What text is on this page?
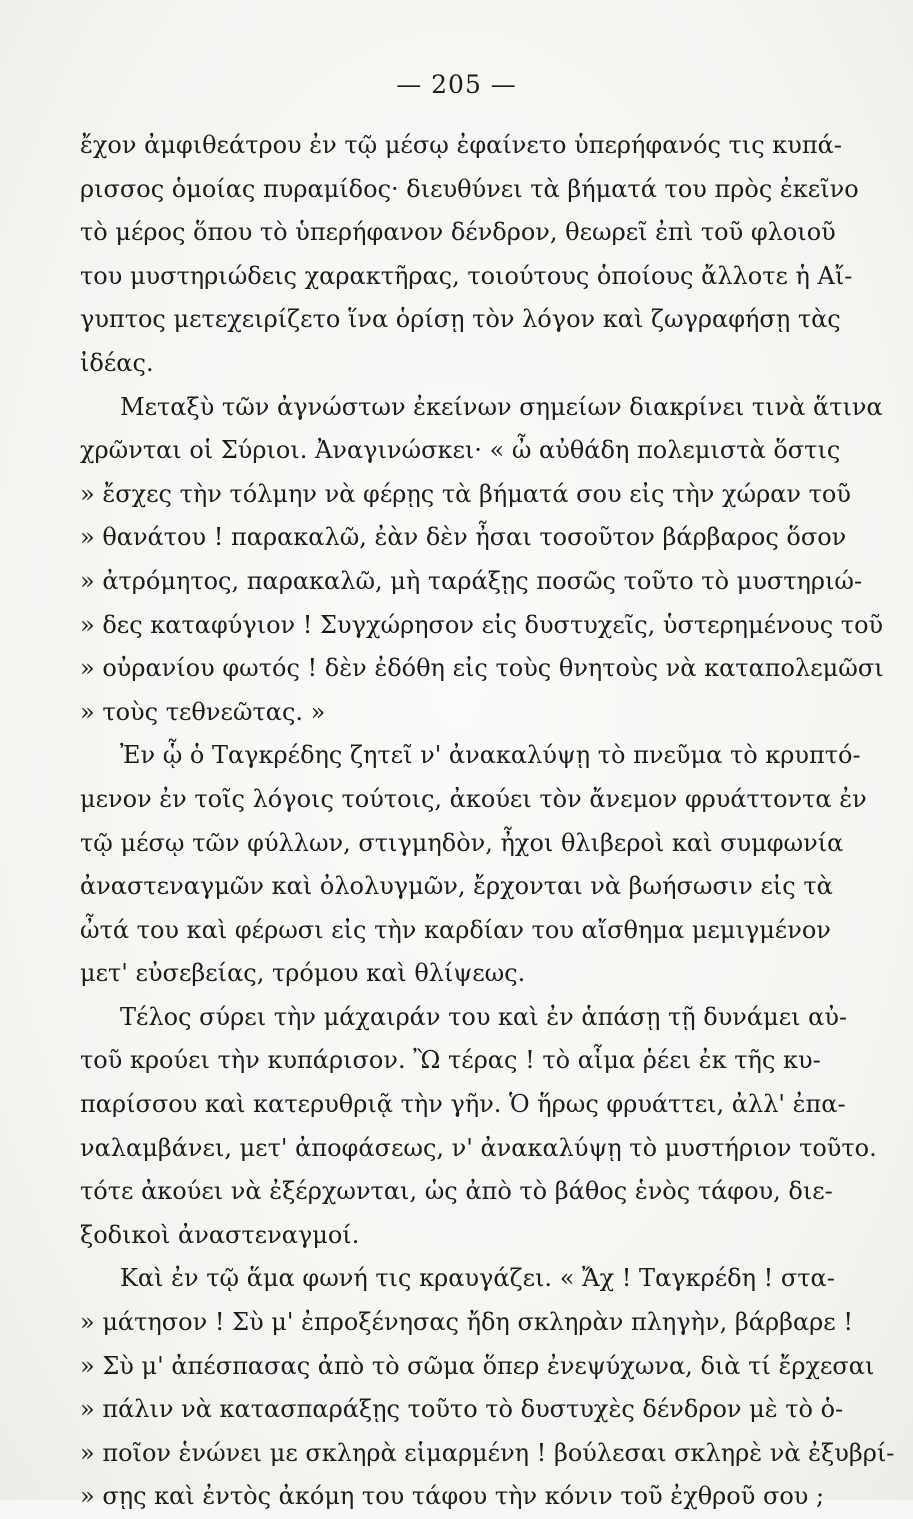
— 205 —
ἔχον ἀμφιθεάτρου ἐν τῷ μέσῳ ἐφαίνετο ὑπερήφανός τις κυπά-
ρισσος ὁμοίας πυραμίδος· διευθύνει τὰ βήματά του πρὸς ἐκεῖνο
τὸ μέρος ὅπου τὸ ὑπερήφανον δένδρον, θεωρεῖ ἐπὶ τοῦ φλοιοῦ
του μυστηριώδεις χαρακτῆρας, τοιούτους ὁποίους ἄλλοτε ἡ Αἴ-
γυπτος μετεχειρίζετο ἵνα ὁρίσῃ τὸν λόγον καὶ ζωγραφήσῃ τὰς
ἰδέας.
Μεταξὺ τῶν ἀγνώστων ἐκείνων σημείων διακρίνει τινὰ ἅτινα
χρῶνται οἱ Σύριοι. Ἀναγινώσκει· « ὦ αὐθάδη πολεμιστὰ ὅστις
» ἔσχες τὴν τόλμην νὰ φέρῃς τὰ βήματά σου εἰς τὴν χώραν τοῦ
» θανάτου ! παρακαλῶ, ἐὰν δὲν ἦσαι τοσοῦτον βάρβαρος ὅσον
» ἀτρόμητος, παρακαλῶ, μὴ ταράξῃς ποσῶς τοῦτο τὸ μυστηριώ-
» δες καταφύγιον ! Συγχώρησον εἰς δυστυχεῖς, ὑστερημένους τοῦ
» οὐρανίου φωτός ! δὲν ἐδόθη εἰς τοὺς θνητοὺς νὰ καταπολεμῶσι
» τοὺς τεθνεῶτας. »
Ἐν ᾧ ὁ Ταγκρέδης ζητεῖ ν' ἀνακαλύψῃ τὸ πνεῦμα τὸ κρυπτό-
μενον ἐν τοῖς λόγοις τούτοις, ἀκούει τὸν ἄνεμον φρυάττοντα ἐν
τῷ μέσῳ τῶν φύλλων, στιγμηδὸν, ἦχοι θλιβεροὶ καὶ συμφωνία
ἀναστεναγμῶν καὶ ὀλολυγμῶν, ἔρχονται νὰ βωήσωσιν εἰς τὰ
ὦτά του καὶ φέρωσι εἰς τὴν καρδίαν του αἴσθημα μεμιγμένον
μετ' εὐσεβείας, τρόμου καὶ θλίψεως.
Τέλος σύρει τὴν μάχαιράν του καὶ ἐν ἁπάσῃ τῇ δυνάμει αὐ-
τοῦ κρούει τὴν κυπάρισον. Ὢ τέρας ! τὸ αἷμα ῥέει ἐκ τῆς κυ-
παρίσσου καὶ κατερυθριᾷ τὴν γῆν. Ὁ ἥρως φρυάττει, ἀλλ' ἐπα-
ναλαμβάνει, μετ' ἀποφάσεως, ν' ἀνακαλύψῃ τὸ μυστήριον τοῦτο.
τότε ἀκούει νὰ ἐξέρχωνται, ὡς ἀπὸ τὸ βάθος ἑνὸς τάφου, διε-
ξοδικοὶ ἀναστεναγμοί.
Καὶ ἐν τῷ ἅμα φωνή τις κραυγάζει. « Ἄχ ! Ταγκρέδη ! στα-
» μάτησον ! Σὺ μ' ἐπροξένησας ἤδη σκληρὰν πληγὴν, βάρβαρε !
» Σὺ μ' ἀπέσπασας ἀπὸ τὸ σῶμα ὅπερ ἐνεψύχωνα, διὰ τί ἔρχεσαι
» πάλιν νὰ κατασπαράξῃς τοῦτο τὸ δυστυχὲς δένδρον μὲ τὸ ὁ-
» ποῖον ἑνώνει με σκληρὰ εἱμαρμένη ! βούλεσαι σκληρὲ νὰ ἐξυβρί-
» σῃς καὶ ἐντὸς ἀκόμη του τάφου τὴν κόνιν τοῦ ἐχθροῦ σου ;
